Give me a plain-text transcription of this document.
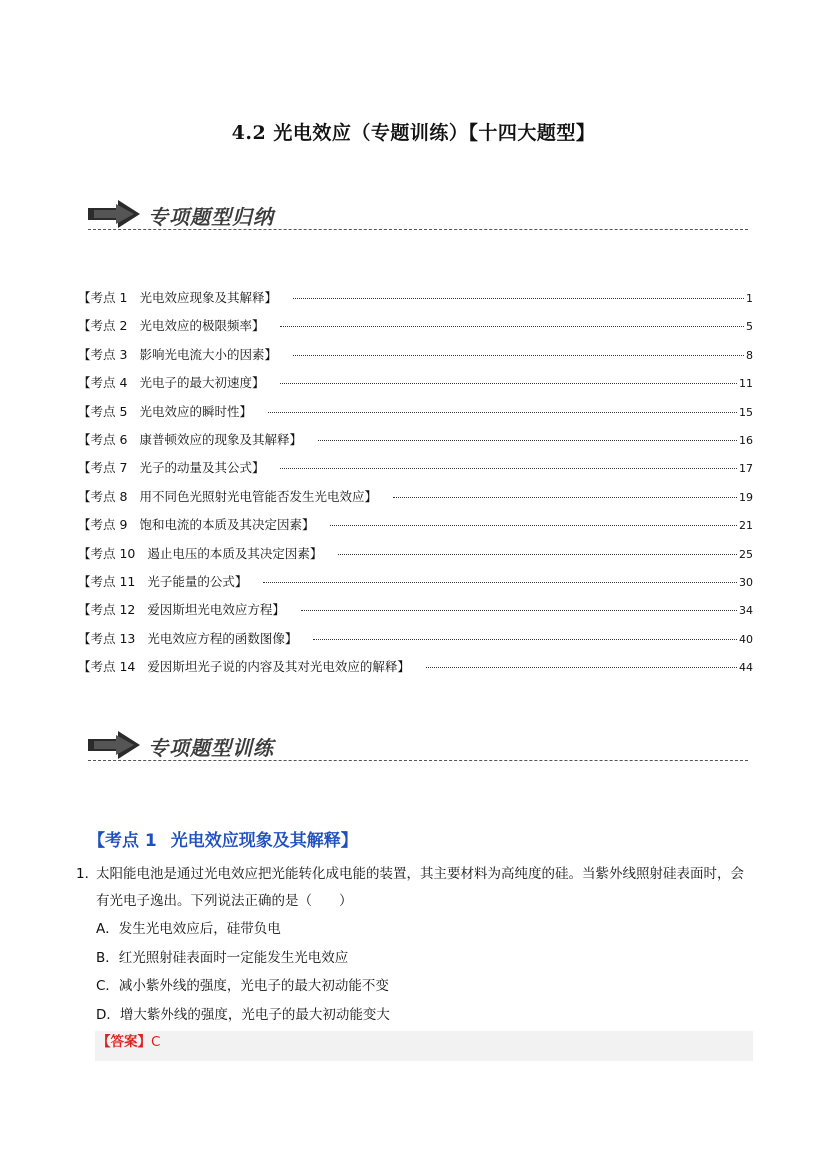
4.2 光电效应（专题训练）【十四大题型】
专项题型归纳
【考点 1 光电效应现象及其解释】	1
【考点 2 光电效应的极限频率】	5
【考点 3 影响光电流大小的因素】	8
【考点 4 光电子的最大初速度】	11
【考点 5 光电效应的瞬时性】	15
【考点 6 康普顿效应的现象及其解释】	16
【考点 7 光子的动量及其公式】	17
【考点 8 用不同色光照射光电管能否发生光电效应】	19
【考点 9 饱和电流的本质及其决定因素】	21
【考点 10 遏止电压的本质及其决定因素】	25
【考点 11 光子能量的公式】	30
【考点 12 爱因斯坦光电效应方程】	34
【考点 13 光电效应方程的函数图像】	40
【考点 14 爱因斯坦光子说的内容及其对光电效应的解释】	44
专项题型训练
【考点 1 光电效应现象及其解释】
1．
太阳能电池是通过光电效应把光能转化成电能的装置，其主要材料为高纯度的硅。当紫外线照射硅表面时，会有光电子逸出。下列说法正确的是（　　）
A．发生光电效应后，硅带负电
B．红光照射硅表面时一定能发生光电效应
C．减小紫外线的强度，光电子的最大初动能不变
D．增大紫外线的强度，光电子的最大初动能变大
【答案】C
